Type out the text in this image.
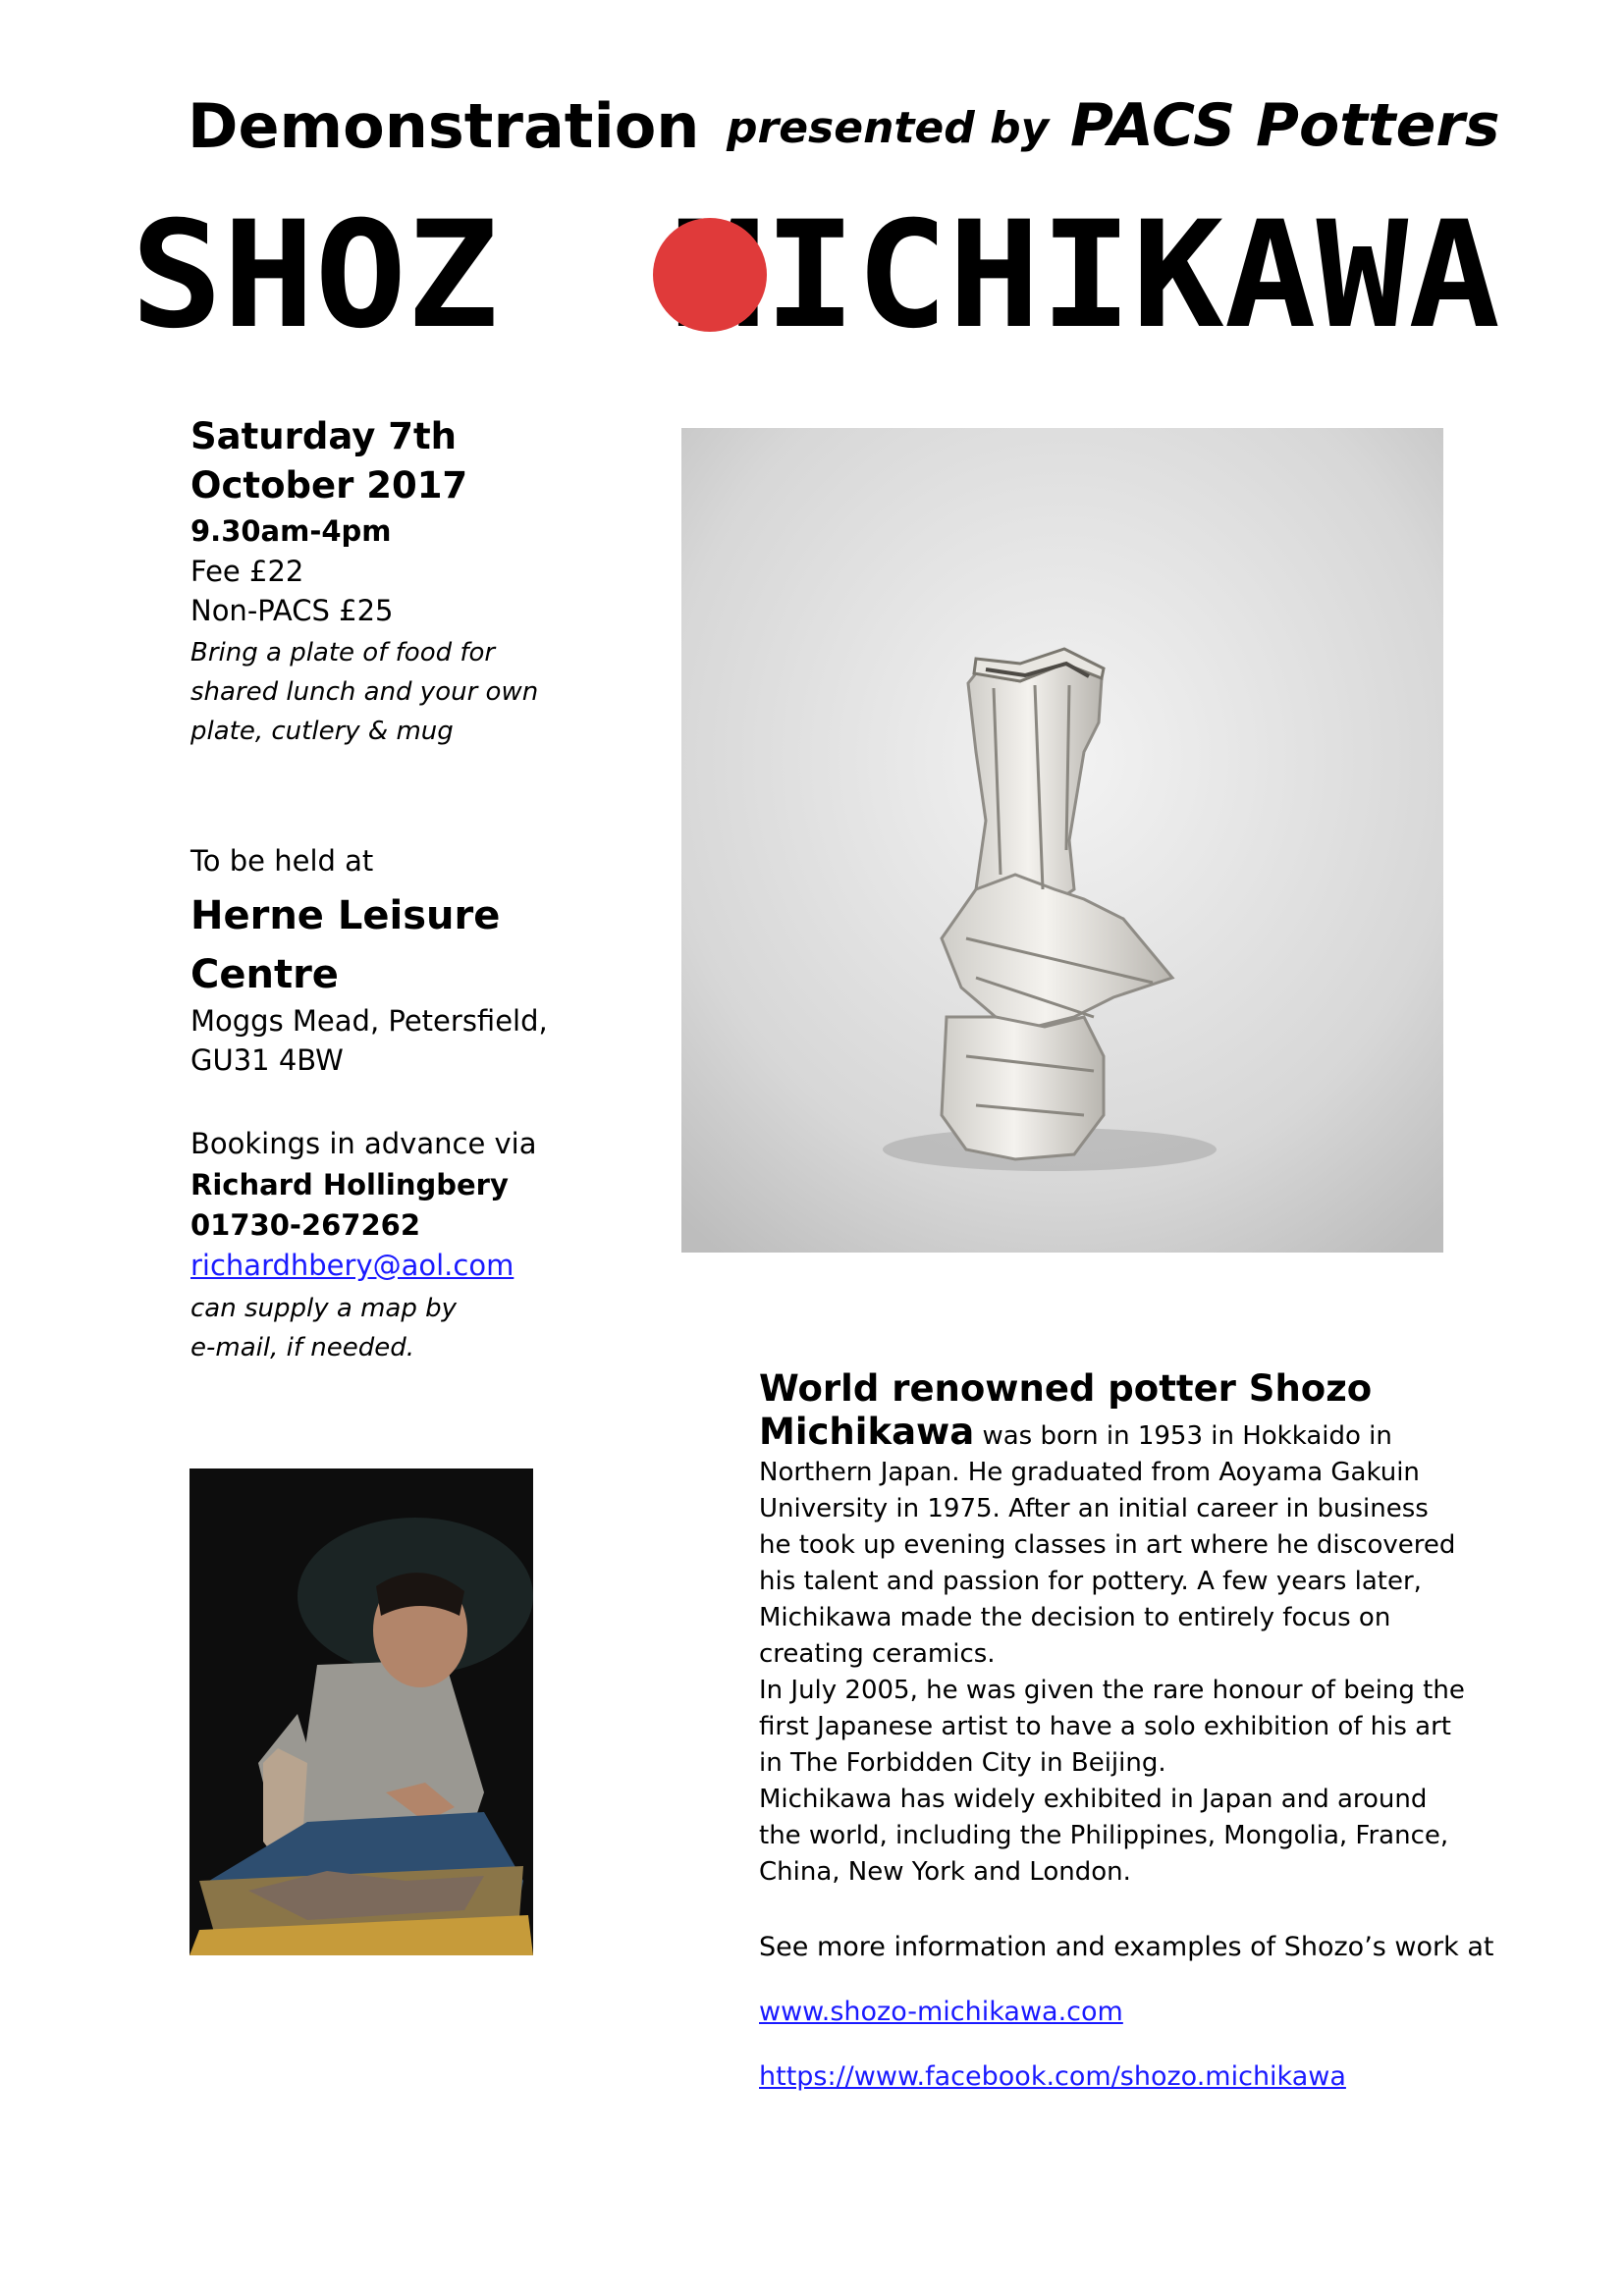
Demonstration presented by PACS Potters
SHOZ MICHIKAWA
Saturday 7th
October 2017
9.30am-4pm
Fee £22
Non-PACS £25
Bring a plate of food for shared lunch and your own plate, cutlery & mug
To be held at
Herne Leisure Centre
Moggs Mead, Petersfield, GU31 4BW
Bookings in advance via
Richard Hollingbery
01730-267262
richardhbery@aol.com
can supply a map by e-mail, if needed.
World renowned potter Shozo

Michikawa was born in 1953 in Hokkaido in Northern Japan. He graduated from Aoyama Gakuin University in 1975. After an initial career in business he took up evening classes in art where he discovered his talent and passion for pottery. A few years later, Michikawa made the decision to entirely focus on creating ceramics.

In July 2005, he was given the rare honour of being the first Japanese artist to have a solo exhibition of his art in The Forbidden City in Beijing.

Michikawa has widely exhibited in Japan and around the world, including the Philippines, Mongolia, France, China, New York and London.

See more information and examples of Shozo’s work at
www.shozo-michikawa.com
https://www.facebook.com/shozo.michikawa
